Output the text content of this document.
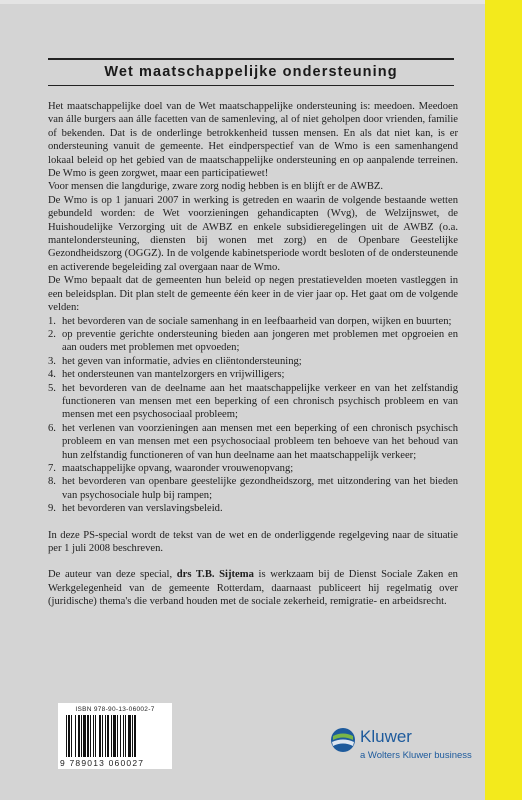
Wet maatschappelijke ondersteuning

Het maatschappelijke doel van de Wet maatschappelijke ondersteuning is: meedoen. Meedoen van álle burgers aan álle facetten van de samenleving, al of niet geholpen door vrienden, familie of bekenden. Dat is de onderlinge betrokkenheid tussen mensen. En als dat niet kan, is er ondersteuning vanuit de gemeente. Het eindperspectief van de Wmo is een samenhangend lokaal beleid op het gebied van de maatschappelijke ondersteuning en op aanpalende terreinen. De Wmo is geen zorgwet, maar een participatiewet!

Voor mensen die langdurige, zware zorg nodig hebben is en blijft er de AWBZ.

De Wmo is op 1 januari 2007 in werking is getreden en waarin de volgende bestaande wetten gebundeld worden: de Wet voorzieningen gehandicapten (Wvg), de Welzijnswet, de Huishoudelijke Verzorging uit de AWBZ en enkele subsidieregelingen uit de AWBZ (o.a. mantelondersteuning, diensten bij wonen met zorg) en de Openbare Geestelijke Gezondheidszorg (OGGZ). In de volgende kabinetsperiode wordt besloten of de ondersteunende en activerende begeleiding zal overgaan naar de Wmo.

De Wmo bepaalt dat de gemeenten hun beleid op negen prestatievelden moeten vastleggen in een beleidsplan. Dit plan stelt de gemeente één keer in de vier jaar op. Het gaat om de volgende velden:

1. het bevorderen van de sociale samenhang in en leefbaarheid van dorpen, wijken en buurten;
2. op preventie gerichte ondersteuning bieden aan jongeren met problemen met opgroeien en aan ouders met problemen met opvoeden;
3. het geven van informatie, advies en cliëntondersteuning;
4. het ondersteunen van mantelzorgers en vrijwilligers;
5. het bevorderen van de deelname aan het maatschappelijke verkeer en van het zelfstandig functioneren van mensen met een beperking of een chronisch psychisch probleem en van mensen met een psychosociaal probleem;
6. het verlenen van voorzieningen aan mensen met een beperking of een chronisch psychisch probleem en van mensen met een psychosociaal probleem ten behoeve van het behoud van hun zelfstandig functioneren of van hun deelname aan het maatschappelijk verkeer;
7. maatschappelijke opvang, waaronder vrouwenopvang;
8. het bevorderen van openbare geestelijke gezondheidszorg, met uitzondering van het bieden van psychosociale hulp bij rampen;
9. het bevorderen van verslavingsbeleid.

In deze PS-special wordt de tekst van de wet en de onderliggende regelgeving naar de situatie per 1 juli 2008 beschreven.

De auteur van deze special, drs T.B. Sijtema is werkzaam bij de Dienst Sociale Zaken en Werkgelegenheid van de gemeente Rotterdam, daarnaast publiceert hij regelmatig over (juridische) thema's die verband houden met de sociale zekerheid, remigratie- en arbeidsrecht.

ISBN 978-90-13-06002-7
9 789013 060027
Kluwer
a Wolters Kluwer business
